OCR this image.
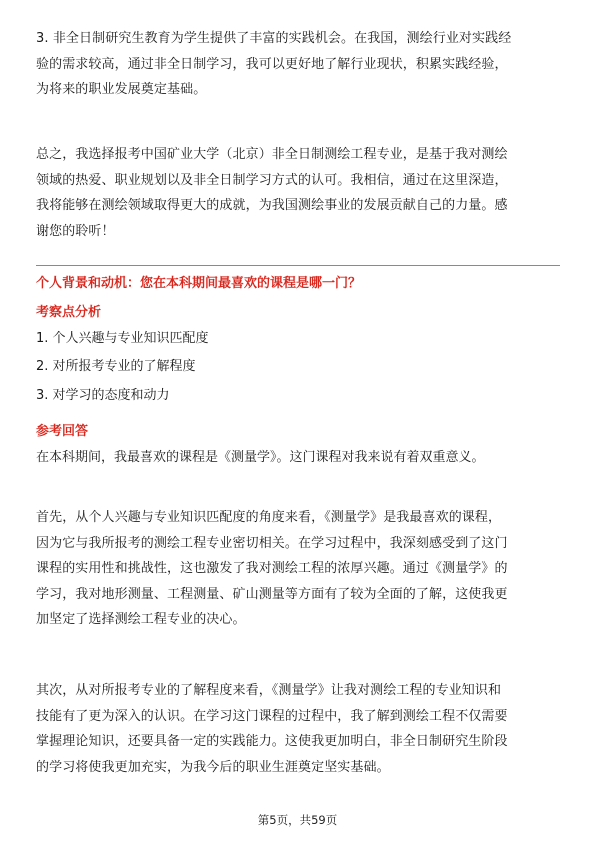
3. 非全日制研究生教育为学生提供了丰富的实践机会。在我国，测绘行业对实践经

验的需求较高，通过非全日制学习，我可以更好地了解行业现状，积累实践经验，

为将来的职业发展奠定基础。

总之，我选择报考中国矿业大学（北京）非全日制测绘工程专业，是基于我对测绘

领域的热爱、职业规划以及非全日制学习方式的认可。我相信，通过在这里深造，

我将能够在测绘领域取得更大的成就，为我国测绘事业的发展贡献自己的力量。感

谢您的聆听！

个人背景和动机：您在本科期间最喜欢的课程是哪一门？
考察点分析
1. 个人兴趣与专业知识匹配度
2. 对所报考专业的了解程度
3. 对学习的态度和动力
参考回答
在本科期间，我最喜欢的课程是《测量学》。这门课程对我来说有着双重意义。

首先，从个人兴趣与专业知识匹配度的角度来看，《测量学》是我最喜欢的课程，

因为它与我所报考的测绘工程专业密切相关。在学习过程中，我深刻感受到了这门

课程的实用性和挑战性，这也激发了我对测绘工程的浓厚兴趣。通过《测量学》的

学习，我对地形测量、工程测量、矿山测量等方面有了较为全面的了解，这使我更

加坚定了选择测绘工程专业的决心。

其次，从对所报考专业的了解程度来看，《测量学》让我对测绘工程的专业知识和

技能有了更为深入的认识。在学习这门课程的过程中，我了解到测绘工程不仅需要

掌握理论知识，还要具备一定的实践能力。这使我更加明白，非全日制研究生阶段

的学习将使我更加充实，为我今后的职业生涯奠定坚实基础。

第5页，共59页
